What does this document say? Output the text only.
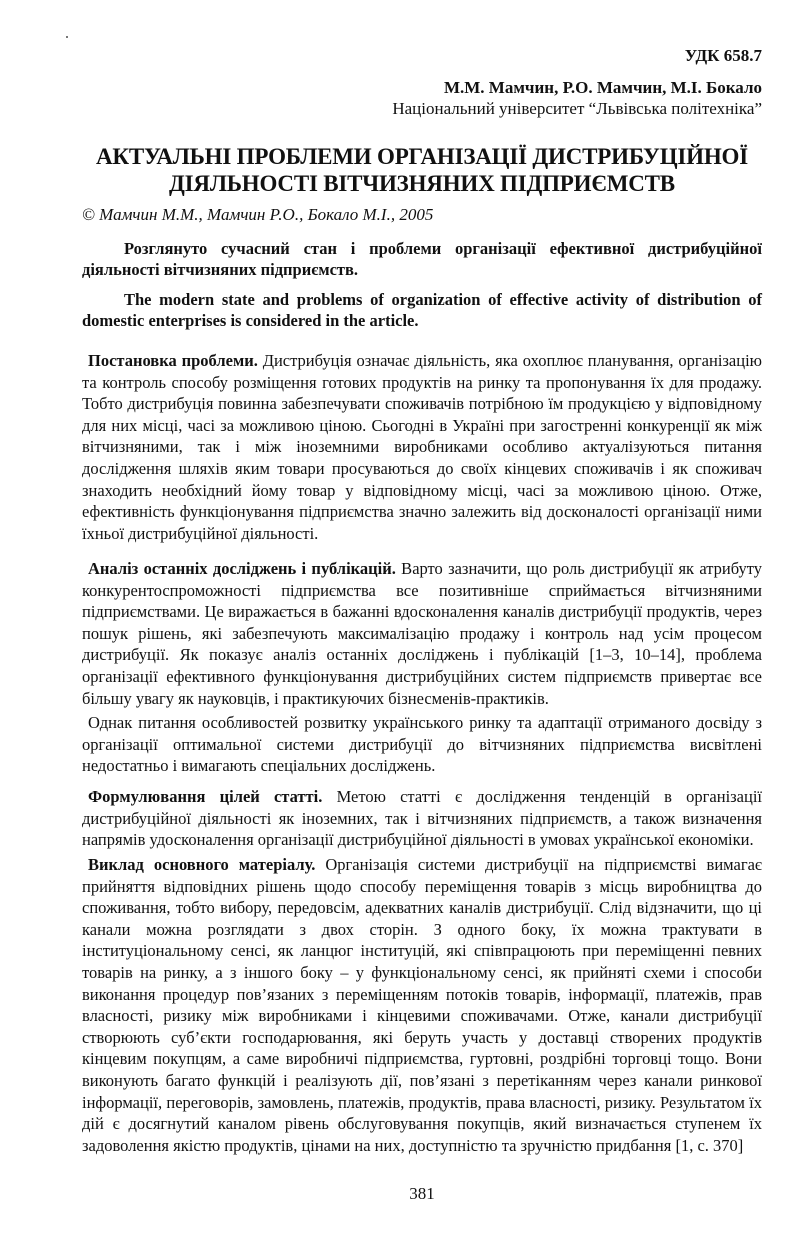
УДК 658.7
М.М. Мамчин, Р.О. Мамчин, М.І. Бокало
Національний університет “Львівська політехніка”
АКТУАЛЬНІ ПРОБЛЕМИ ОРГАНІЗАЦІЇ ДИСТРИБУЦІЙНОЇ ДІЯЛЬНОСТІ ВІТЧИЗНЯНИХ ПІДПРИЄМСТВ
© Мамчин М.М., Мамчин Р.О., Бокало М.І., 2005

Розглянуто сучасний стан і проблеми організації ефективної дистрибуційної діяльності вітчизняних підприємств.

The modern state and problems of organization of effective activity of distribution of domestic enterprises is considered in the article.

Постановка проблеми. Дистрибуція означає діяльність, яка охоплює планування, організацію та контроль способу розміщення готових продуктів на ринку та пропонування їх для продажу. Тобто дистрибуція повинна забезпечувати споживачів потрібною їм продукцією у відповідному для них місці, часі за можливою ціною. Сьогодні в Україні при загостренні конкуренції як між вітчизняними, так і між іноземними виробниками особливо актуалізуються питання дослідження шляхів яким товари просуваються до своїх кінцевих споживачів і як споживач знаходить необхідний йому товар у відповідному місці, часі за можливою ціною. Отже, ефективність функціонування підприємства значно залежить від досконалості організації ними їхньої дистрибуційної діяльності.

Аналіз останніх досліджень і публікацій. Варто зазначити, що роль дистрибуції як атрибуту конкурентоспроможності підприємства все позитивніше сприймається вітчизняними підприємствами. Це виражається в бажанні вдосконалення каналів дистрибуції продуктів, через пошук рішень, які забезпечують максималізацію продажу і контроль над усім процесом дистрибуції. Як показує аналіз останніх досліджень і публікацій [1–3, 10–14], проблема організації ефективного функціонування дистрибуційних систем підприємств привертає все більшу увагу як науковців, і практикуючих бізнесменів-практиків.

Однак питання особливостей розвитку українського ринку та адаптації отриманого досвіду з організації оптимальної системи дистрибуції до вітчизняних підприємства висвітлені недостатньо і вимагають спеціальних досліджень.

Формулювання цілей статті. Метою статті є дослідження тенденцій в організації дистрибуційної діяльності як іноземних, так і вітчизняних підприємств, а також визначення напрямів удосконалення організації дистрибуційної діяльності в умовах української економіки.

Виклад основного матеріалу. Організація системи дистрибуції на підприємстві вимагає прийняття відповідних рішень щодо способу переміщення товарів з місць виробництва до споживання, тобто вибору, передовсім, адекватних каналів дистрибуції. Слід відзначити, що ці канали можна розглядати з двох сторін. З одного боку, їх можна трактувати в інституціональному сенсі, як ланцюг інституцій, які співпрацюють при переміщенні певних товарів на ринку, а з іншого боку – у функціональному сенсі, як прийняті схеми і способи виконання процедур пов’язаних з переміщенням потоків товарів, інформації, платежів, прав власності, ризику між виробниками і кінцевими споживачами. Отже, канали дистрибуції створюють суб’єкти господарювання, які беруть участь у доставці створених продуктів кінцевим покупцям, а саме виробничі підприємства, гуртовні, роздрібні торговці тощо. Вони виконують багато функцій і реалізують дії, пов’язані з перетіканням через канали ринкової інформації, переговорів, замовлень, платежів, продуктів, права власності, ризику. Результатом їх дій є досягнутий каналом рівень обслуговування покупців, який визначається ступенем їх задоволення якістю продуктів, цінами на них, доступністю та зручністю придбання [1, с. 370]

381
